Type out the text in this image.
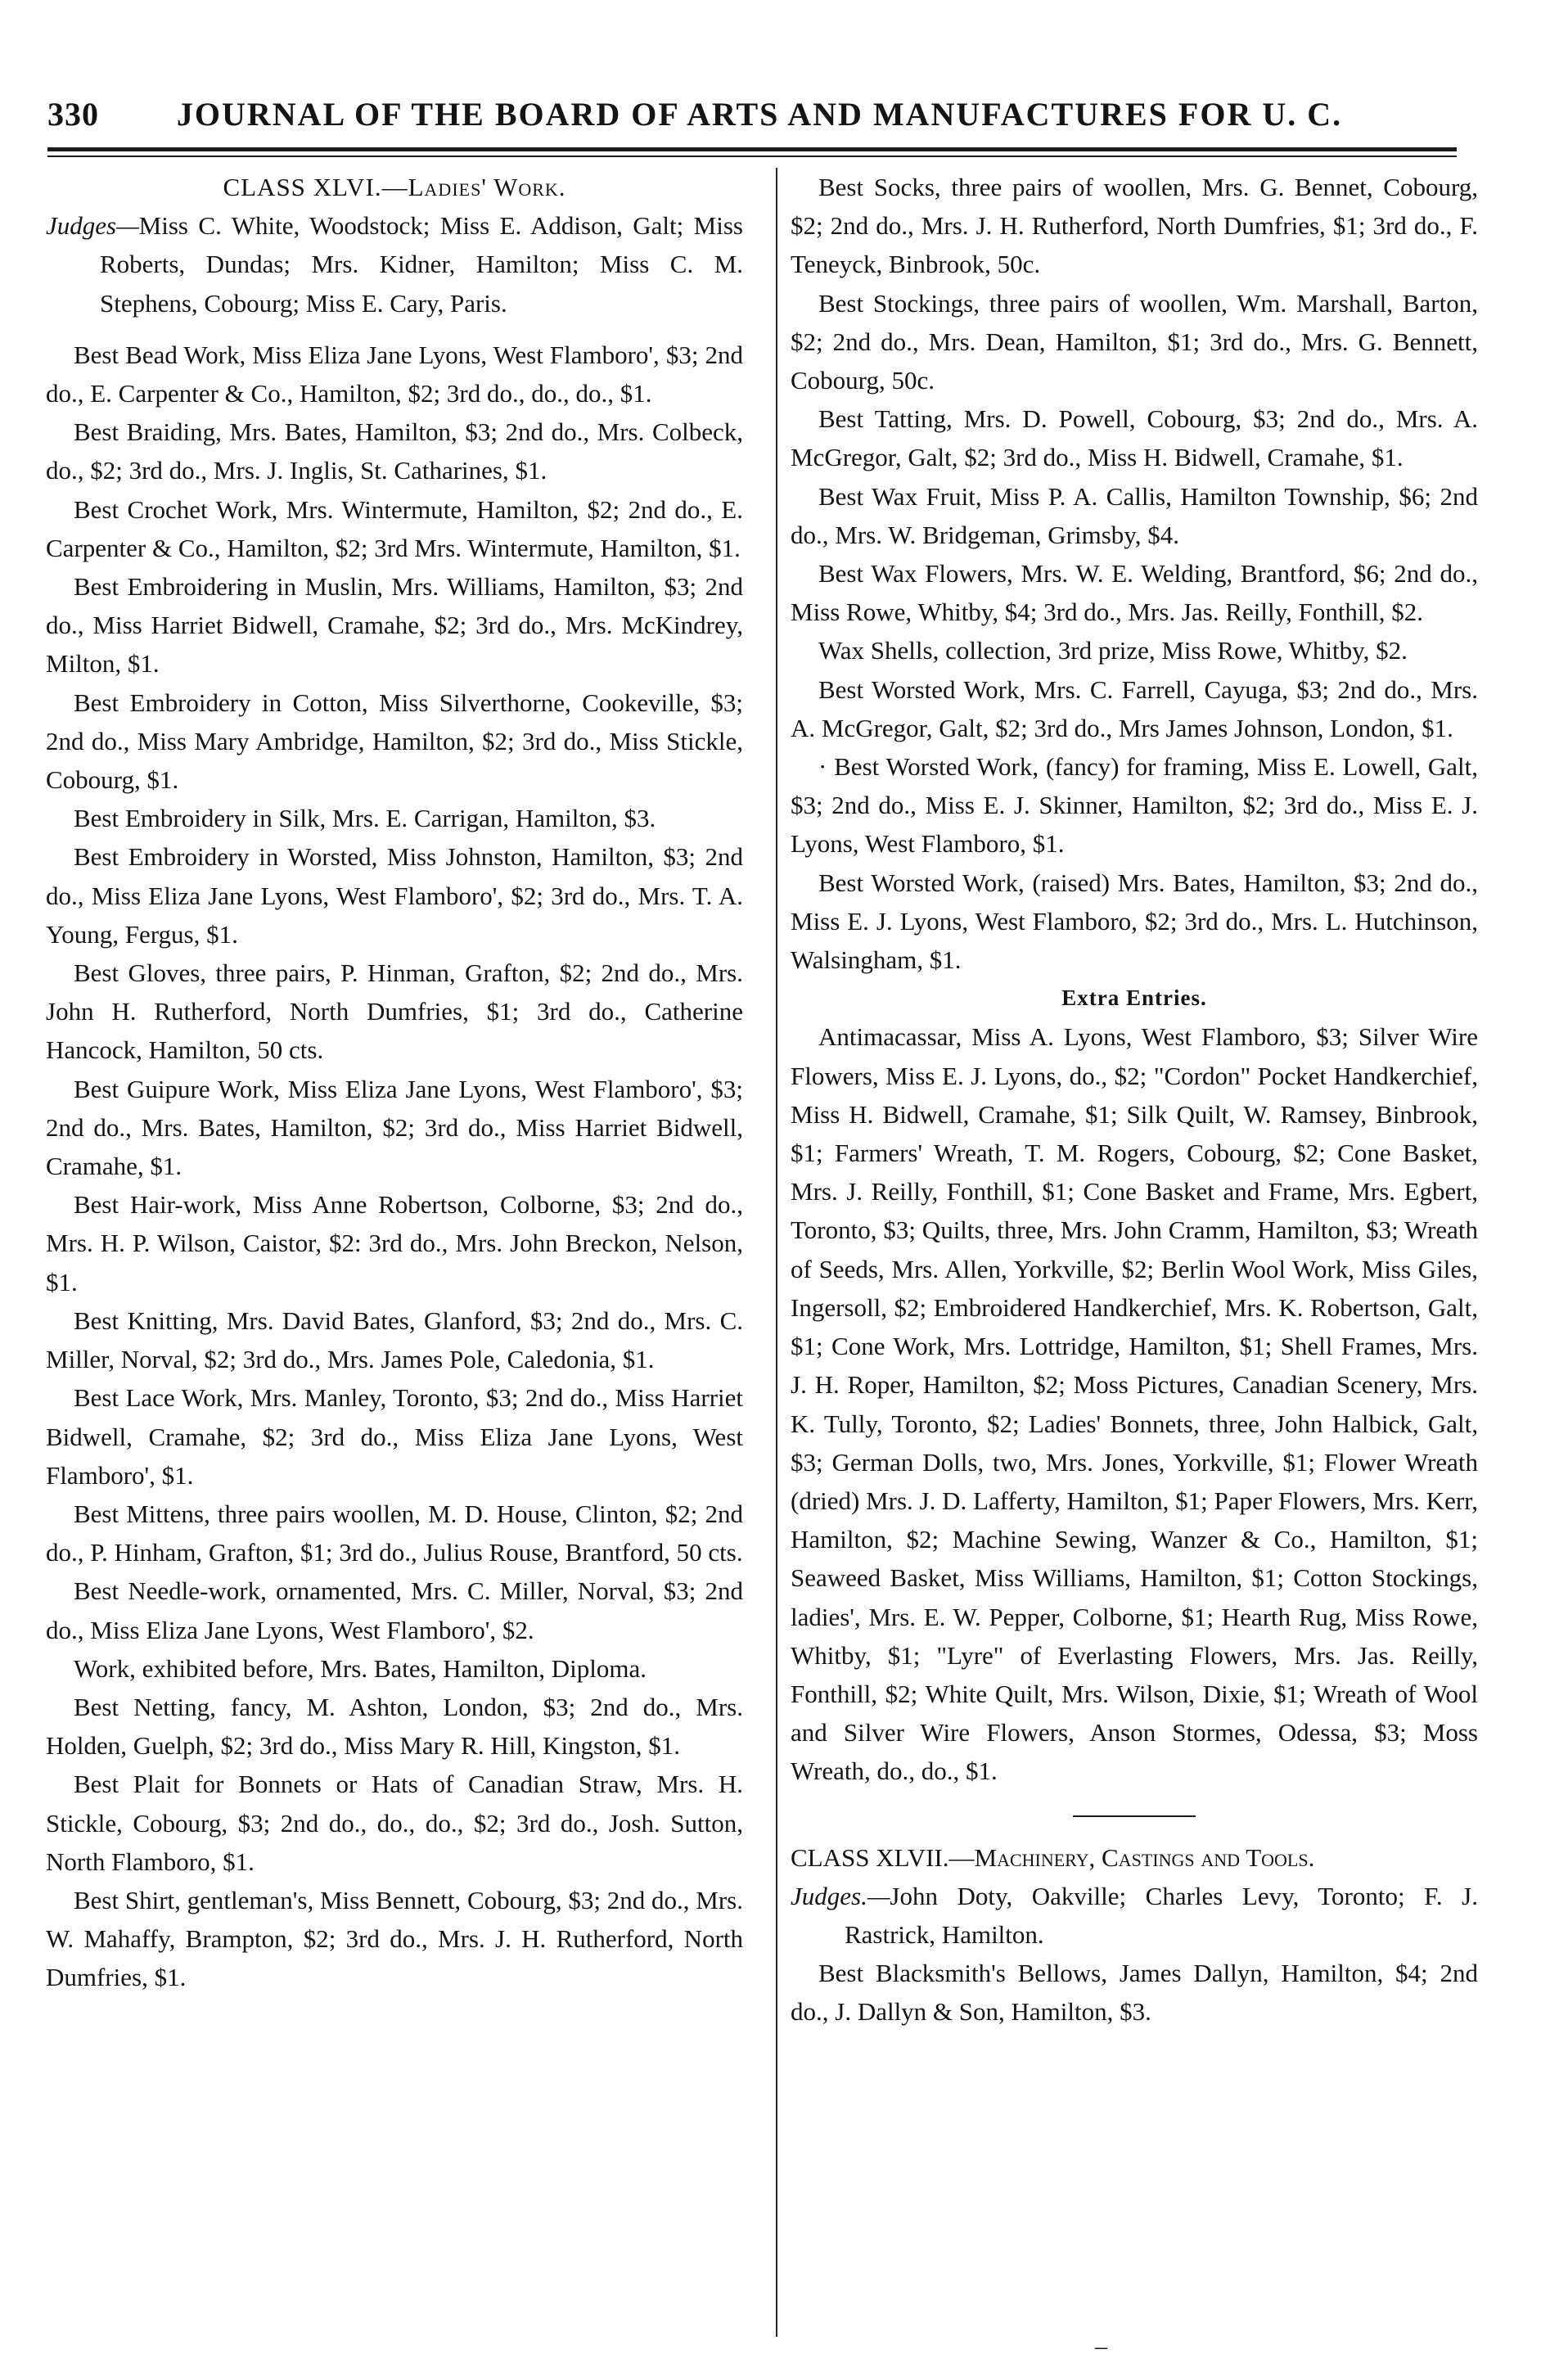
330	JOURNAL OF THE BOARD OF ARTS AND MANUFACTURES FOR U. C.

CLASS XLVI.—Ladies' Work.

Judges—Miss C. White, Woodstock; Miss E. Addison, Galt; Miss Roberts, Dundas; Mrs. Kidner, Hamilton; Miss C. M. Stephens, Cobourg; Miss E. Cary, Paris.

Best Bead Work, Miss Eliza Jane Lyons, West Flamboro', $3; 2nd do., E. Carpenter & Co., Hamilton, $2; 3rd do., do., do., $1.

Best Braiding, Mrs. Bates, Hamilton, $3; 2nd do., Mrs. Colbeck, do., $2; 3rd do., Mrs. J. Inglis, St. Catharines, $1.

Best Crochet Work, Mrs. Wintermute, Hamilton, $2; 2nd do., E. Carpenter & Co., Hamilton, $2; 3rd Mrs. Wintermute, Hamilton, $1.

Best Embroidering in Muslin, Mrs. Williams, Hamilton, $3; 2nd do., Miss Harriet Bidwell, Cramahe, $2; 3rd do., Mrs. McKindrey, Milton, $1.

Best Embroidery in Cotton, Miss Silverthorne, Cookeville, $3; 2nd do., Miss Mary Ambridge, Hamilton, $2; 3rd do., Miss Stickle, Cobourg, $1.

Best Embroidery in Silk, Mrs. E. Carrigan, Hamilton, $3.

Best Embroidery in Worsted, Miss Johnston, Hamilton, $3; 2nd do., Miss Eliza Jane Lyons, West Flamboro', $2; 3rd do., Mrs. T. A. Young, Fergus, $1.

Best Gloves, three pairs, P. Hinman, Grafton, $2; 2nd do., Mrs. John H. Rutherford, North Dumfries, $1; 3rd do., Catherine Hancock, Hamilton, 50 cts.

Best Guipure Work, Miss Eliza Jane Lyons, West Flamboro', $3; 2nd do., Mrs. Bates, Hamilton, $2; 3rd do., Miss Harriet Bidwell, Cramahe, $1.

Best Hair-work, Miss Anne Robertson, Colborne, $3; 2nd do., Mrs. H. P. Wilson, Caistor, $2: 3rd do., Mrs. John Breckon, Nelson, $1.

Best Knitting, Mrs. David Bates, Glanford, $3; 2nd do., Mrs. C. Miller, Norval, $2; 3rd do., Mrs. James Pole, Caledonia, $1.

Best Lace Work, Mrs. Manley, Toronto, $3; 2nd do., Miss Harriet Bidwell, Cramahe, $2; 3rd do., Miss Eliza Jane Lyons, West Flamboro', $1.

Best Mittens, three pairs woollen, M. D. House, Clinton, $2; 2nd do., P. Hinham, Grafton, $1; 3rd do., Julius Rouse, Brantford, 50 cts.

Best Needle-work, ornamented, Mrs. C. Miller, Norval, $3; 2nd do., Miss Eliza Jane Lyons, West Flamboro', $2.

Work, exhibited before, Mrs. Bates, Hamilton, Diploma.

Best Netting, fancy, M. Ashton, London, $3; 2nd do., Mrs. Holden, Guelph, $2; 3rd do., Miss Mary R. Hill, Kingston, $1.

Best Plait for Bonnets or Hats of Canadian Straw, Mrs. H. Stickle, Cobourg, $3; 2nd do., do., do., $2; 3rd do., Josh. Sutton, North Flamboro, $1.

Best Shirt, gentleman's, Miss Bennett, Cobourg, $3; 2nd do., Mrs. W. Mahaffy, Brampton, $2; 3rd do., Mrs. J. H. Rutherford, North Dumfries, $1.

Best Socks, three pairs of woollen, Mrs. G. Bennet, Cobourg, $2; 2nd do., Mrs. J. H. Rutherford, North Dumfries, $1; 3rd do., F. Teneyck, Binbrook, 50c.

Best Stockings, three pairs of woollen, Wm. Marshall, Barton, $2; 2nd do., Mrs. Dean, Hamilton, $1; 3rd do., Mrs. G. Bennett, Cobourg, 50c.

Best Tatting, Mrs. D. Powell, Cobourg, $3; 2nd do., Mrs. A. McGregor, Galt, $2; 3rd do., Miss H. Bidwell, Cramahe, $1.

Best Wax Fruit, Miss P. A. Callis, Hamilton Township, $6; 2nd do., Mrs. W. Bridgeman, Grimsby, $4.

Best Wax Flowers, Mrs. W. E. Welding, Brantford, $6; 2nd do., Miss Rowe, Whitby, $4; 3rd do., Mrs. Jas. Reilly, Fonthill, $2.

Wax Shells, collection, 3rd prize, Miss Rowe, Whitby, $2.

Best Worsted Work, Mrs. C. Farrell, Cayuga, $3; 2nd do., Mrs. A. McGregor, Galt, $2; 3rd do., Mrs James Johnson, London, $1.

· Best Worsted Work, (fancy) for framing, Miss E. Lowell, Galt, $3; 2nd do., Miss E. J. Skinner, Hamilton, $2; 3rd do., Miss E. J. Lyons, West Flamboro, $1.

Best Worsted Work, (raised) Mrs. Bates, Hamilton, $3; 2nd do., Miss E. J. Lyons, West Flamboro, $2; 3rd do., Mrs. L. Hutchinson, Walsingham, $1.

Extra Entries.

Antimacassar, Miss A. Lyons, West Flamboro, $3; Silver Wire Flowers, Miss E. J. Lyons, do., $2; "Cordon" Pocket Handkerchief, Miss H. Bidwell, Cramahe, $1; Silk Quilt, W. Ramsey, Binbrook, $1; Farmers' Wreath, T. M. Rogers, Cobourg, $2; Cone Basket, Mrs. J. Reilly, Fonthill, $1; Cone Basket and Frame, Mrs. Egbert, Toronto, $3; Quilts, three, Mrs. John Cramm, Hamilton, $3; Wreath of Seeds, Mrs. Allen, Yorkville, $2; Berlin Wool Work, Miss Giles, Ingersoll, $2; Embroidered Handkerchief, Mrs. K. Robertson, Galt, $1; Cone Work, Mrs. Lottridge, Hamilton, $1; Shell Frames, Mrs. J. H. Roper, Hamilton, $2; Moss Pictures, Canadian Scenery, Mrs. K. Tully, Toronto, $2; Ladies' Bonnets, three, John Halbick, Galt, $3; German Dolls, two, Mrs. Jones, Yorkville, $1; Flower Wreath (dried) Mrs. J. D. Lafferty, Hamilton, $1; Paper Flowers, Mrs. Kerr, Hamilton, $2; Machine Sewing, Wanzer & Co., Hamilton, $1; Seaweed Basket, Miss Williams, Hamilton, $1; Cotton Stockings, ladies', Mrs. E. W. Pepper, Colborne, $1; Hearth Rug, Miss Rowe, Whitby, $1; "Lyre" of Everlasting Flowers, Mrs. Jas. Reilly, Fonthill, $2; White Quilt, Mrs. Wilson, Dixie, $1; Wreath of Wool and Silver Wire Flowers, Anson Stormes, Odessa, $3; Moss Wreath, do., do., $1.

CLASS XLVII.—Machinery, Castings and Tools.

Judges.—John Doty, Oakville; Charles Levy, Toronto; F. J. Rastrick, Hamilton.

Best Blacksmith's Bellows, James Dallyn, Hamilton, $4; 2nd do., J. Dallyn & Son, Hamilton, $3.

–
